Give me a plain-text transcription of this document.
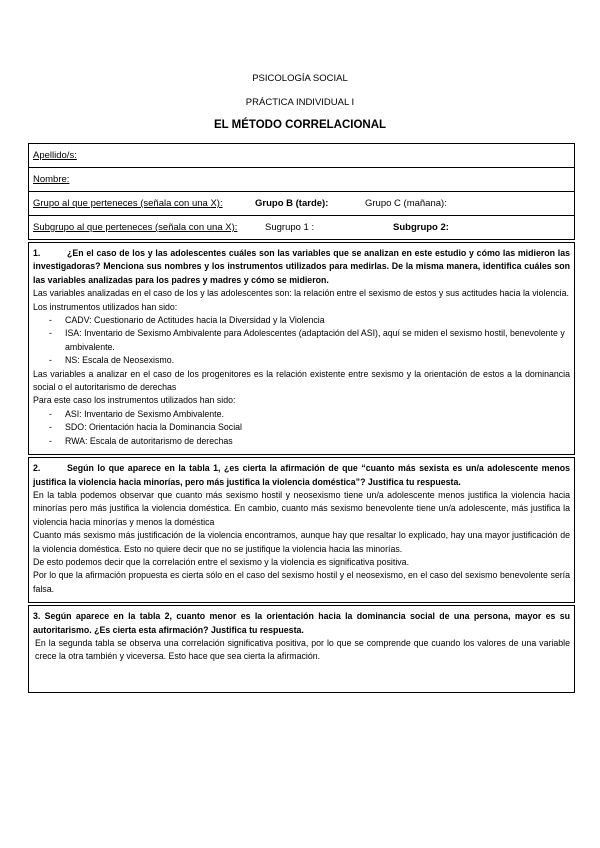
PSICOLOGÍA SOCIAL
PRÁCTICA INDIVIDUAL I
EL MÉTODO CORRELACIONAL
Apellido/s:
Nombre:
Grupo al que perteneces (señala con una X):	Grupo B (tarde):	Grupo C (mañana):
Subgrupo al que perteneces (señala con una X):	Sugrupo 1 :	Subgrupo 2:
1.	¿En el caso de los y las adolescentes cuáles son las variables que se analizan en este estudio y cómo las midieron las investigadoras? Menciona sus nombres y los instrumentos utilizados para medirlas. De la misma manera, identifica cuáles son las variables analizadas para los padres y madres y cómo se midieron.

Las variables analizadas en el caso de los y las adolescentes son: la relación entre el sexismo de estos y sus actitudes hacia la violencia.

Los instrumentos utilizados han sido:

- CADV: Cuestionario de Actitudes hacia la Diversidad y la Violencia
- ISA: Inventario de Sexismo Ambivalente para Adolescentes (adaptación del ASI), aquí se miden el sexismo hostil, benevolente y ambivalente.
- NS: Escala de Neosexismo.

Las variables a analizar en el caso de los progenitores es la relación existente entre sexismo y la orientación de estos a la dominancia social o el autoritarismo de derechas

Para este caso los instrumentos utilizados han sido:

- ASI: Inventario de Sexismo Ambivalente.
- SDO: Orientación hacia la Dominancia Social
- RWA: Escala de autoritarismo de derechas
2.	Según lo que aparece en la tabla 1, ¿es cierta la afirmación de que “cuanto más sexista es un/a adolescente menos justifica la violencia hacia minorías, pero más justifica la violencia doméstica”? Justifica tu respuesta.

En la tabla podemos observar que cuanto más sexismo hostil y neosexismo tiene un/a adolescente menos justifica la violencia hacia minorías pero más justifica la violencia doméstica. En cambio, cuanto más sexismo benevolente tiene un/a adolescente, más justifica la violencia hacia minorías y menos la doméstica

Cuanto más sexismo más justificación de la violencia encontramos, aunque hay que resaltar lo explicado, hay una mayor justificación de la violencia doméstica. Esto no quiere decir que no se justifique la violencia hacia las minorías.

De esto podemos decir que la correlación entre el sexismo y la violencia es significativa positiva.

Por lo que la afirmación propuesta es cierta sólo en el caso del sexismo hostil y el neosexismo, en el caso del sexismo benevolente sería falsa.

3. Según aparece en la tabla 2, cuanto menor es la orientación hacia la dominancia social de una persona, mayor es su autoritarismo. ¿Es cierta esta afirmación? Justifica tu respuesta.

En la segunda tabla se observa una correlación significativa positiva, por lo que se comprende que cuando los valores de una variable crece la otra también y viceversa. Esto hace que sea cierta la afirmación.
